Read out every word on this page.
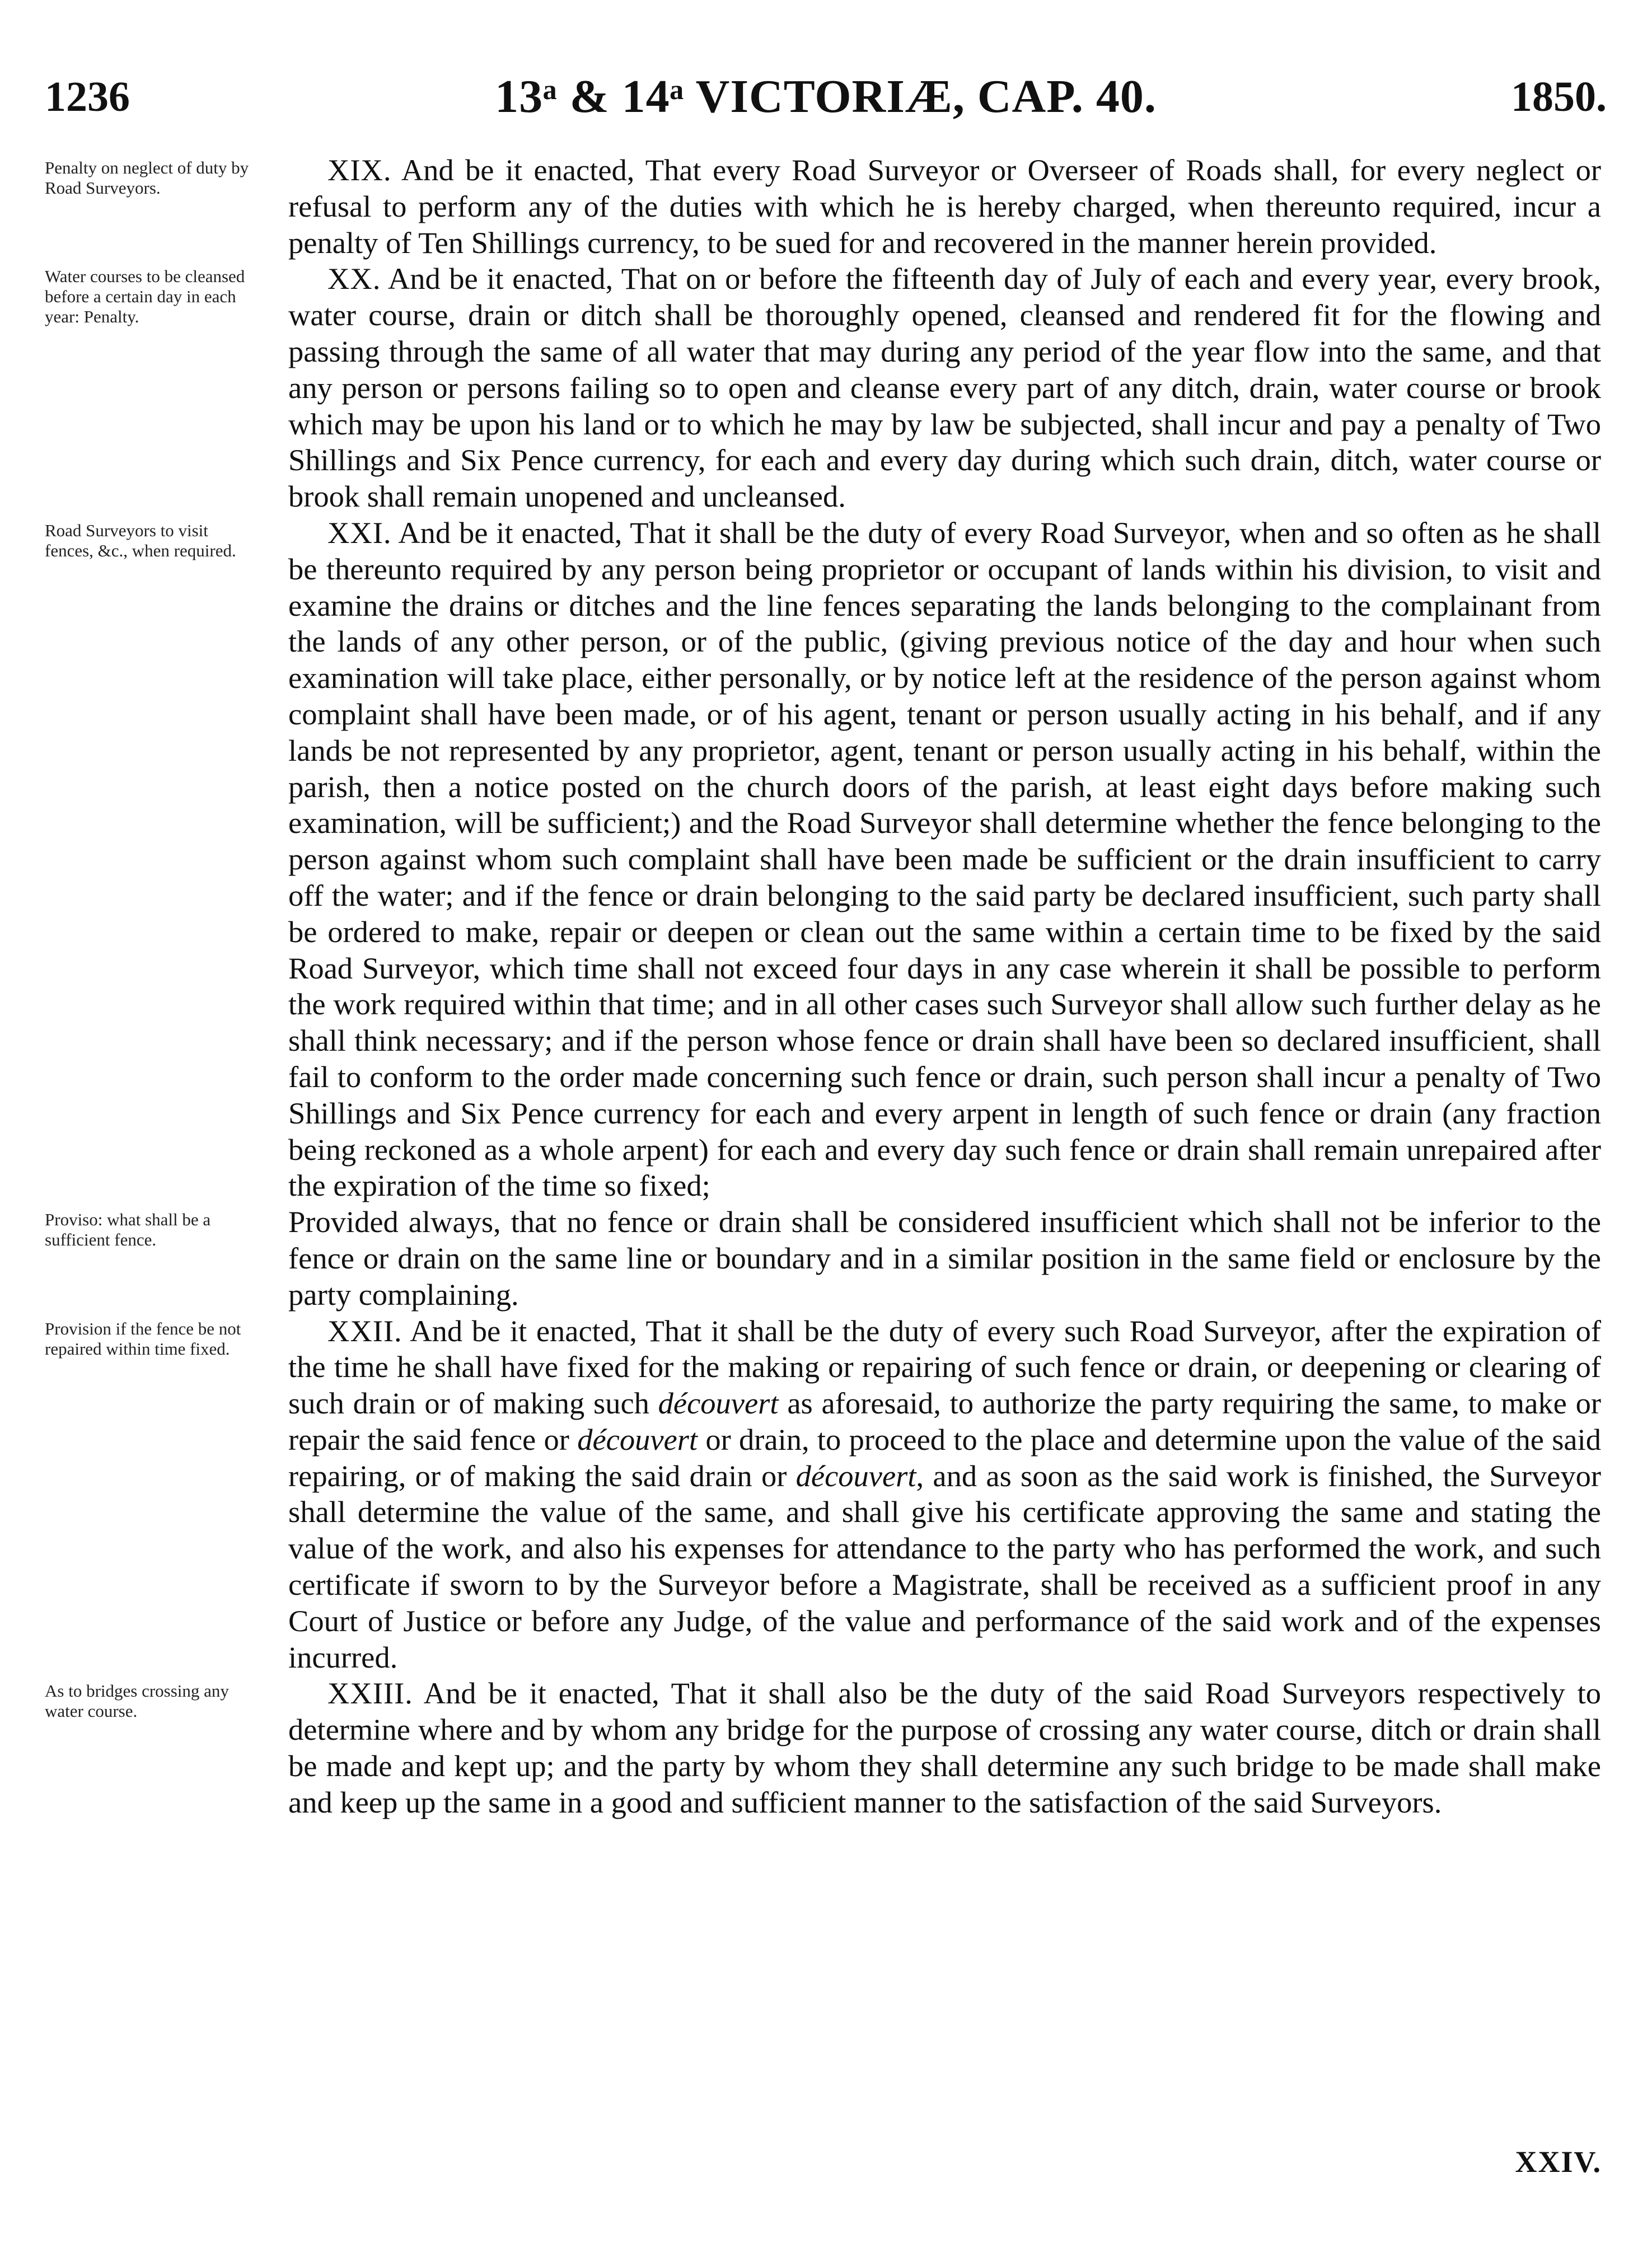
1236	13ᵃ & 14ᵃ VICTORIÆ, CAP. 40.	1850.
Penalty on neglect of duty by Road Surveyors.

XIX. And be it enacted, That every Road Surveyor or Overseer of Roads shall, for every neglect or refusal to perform any of the duties with which he is hereby charged, when thereunto required, incur a penalty of Ten Shillings currency, to be sued for and recovered in the manner herein provided.

Water courses to be cleansed before a certain day in each year: Penalty.

XX. And be it enacted, That on or before the fifteenth day of July of each and every year, every brook, water course, drain or ditch shall be thoroughly opened, cleansed and rendered fit for the flowing and passing through the same of all water that may during any period of the year flow into the same, and that any person or persons failing so to open and cleanse every part of any ditch, drain, water course or brook which may be upon his land or to which he may by law be subjected, shall incur and pay a penalty of Two Shillings and Six Pence currency, for each and every day during which such drain, ditch, water course or brook shall remain unopened and uncleansed.

Road Surveyors to visit fences, &c., when required.

XXI. And be it enacted, That it shall be the duty of every Road Surveyor, when and so often as he shall be thereunto required by any person being proprietor or occupant of lands within his division, to visit and examine the drains or ditches and the line fences separating the lands belonging to the complainant from the lands of any other person, or of the public, (giving previous notice of the day and hour when such examination will take place, either personally, or by notice left at the residence of the person against whom complaint shall have been made, or of his agent, tenant or person usually acting in his behalf, and if any lands be not represented by any proprietor, agent, tenant or person usually acting in his behalf, within the parish, then a notice posted on the church doors of the parish, at least eight days before making such examination, will be sufficient;) and the Road Surveyor shall determine whether the fence belonging to the person against whom such complaint shall have been made be sufficient or the drain insufficient to carry off the water; and if the fence or drain belonging to the said party be declared insufficient, such party shall be ordered to make, repair or deepen or clean out the same within a certain time to be fixed by the said Road Surveyor, which time shall not exceed four days in any case wherein it shall be possible to perform the work required within that time; and in all other cases such Surveyor shall allow such further delay as he shall think necessary; and if the person whose fence or drain shall have been so declared insufficient, shall fail to conform to the order made concerning such fence or drain, such person shall incur a penalty of Two Shillings and Six Pence currency for each and every arpent in length of such fence or drain (any fraction being reckoned as a whole arpent) for each and every day such fence or drain shall remain unrepaired after the expiration of the time so fixed;

Proviso: what shall be a sufficient fence.

Provided always, that no fence or drain shall be considered insufficient which shall not be inferior to the fence or drain on the same line or boundary and in a similar position in the same field or enclosure by the party complaining.

Provision if the fence be not repaired within time fixed.

XXII. And be it enacted, That it shall be the duty of every such Road Surveyor, after the expiration of the time he shall have fixed for the making or repairing of such fence or drain, or deepening or clearing of such drain or of making such découvert as aforesaid, to authorize the party requiring the same, to make or repair the said fence or découvert or drain, to proceed to the place and determine upon the value of the said repairing, or of making the said drain or découvert, and as soon as the said work is finished, the Surveyor shall determine the value of the same, and shall give his certificate approving the same and stating the value of the work, and also his expenses for attendance to the party who has performed the work, and such certificate if sworn to by the Surveyor before a Magistrate, shall be received as a sufficient proof in any Court of Justice or before any Judge, of the value and performance of the said work and of the expenses incurred.

As to bridges crossing any water course.

XXIII. And be it enacted, That it shall also be the duty of the said Road Surveyors respectively to determine where and by whom any bridge for the purpose of crossing any water course, ditch or drain shall be made and kept up; and the party by whom they shall determine any such bridge to be made shall make and keep up the same in a good and sufficient manner to the satisfaction of the said Surveyors.

XXIV.
